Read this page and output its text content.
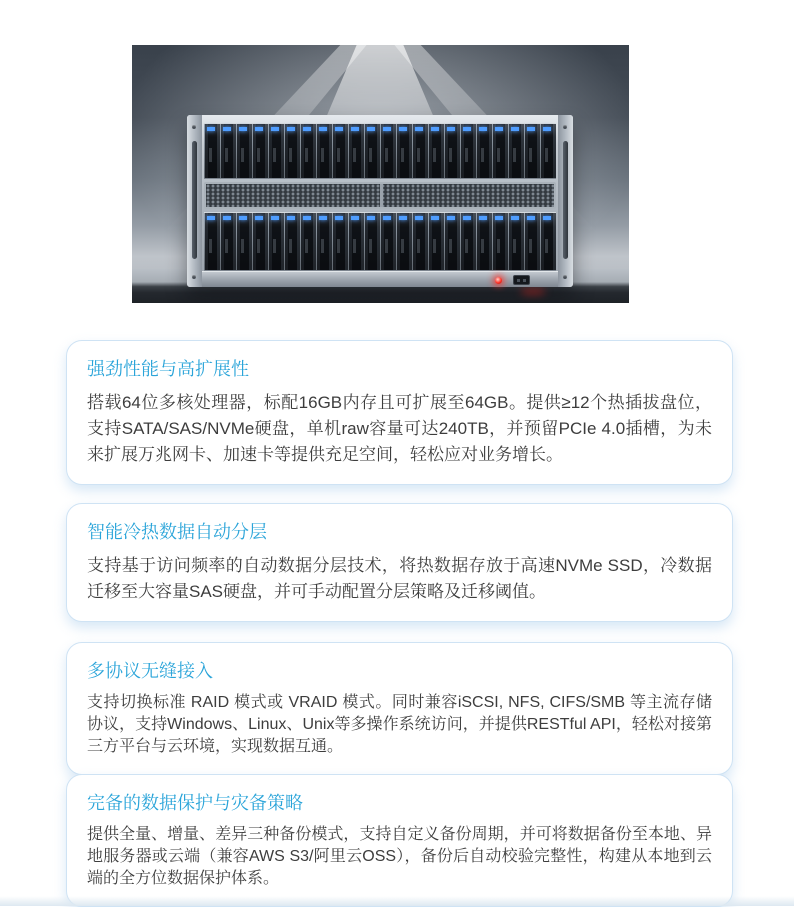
强劲性能与高扩展性
搭载64位多核处理器，标配16GB内存且可扩展至64GB。提供≥12个热插拔盘位，支持SATA/SAS/NVMe硬盘，单机raw容量可达240TB，并预留PCIe 4.0插槽，为未来扩展万兆网卡、加速卡等提供充足空间，轻松应对业务增长。
智能冷热数据自动分层
支持基于访问频率的自动数据分层技术，将热数据存放于高速NVMe SSD，冷数据迁移至大容量SAS硬盘，并可手动配置分层策略及迁移阈值。
多协议无缝接入
支持切换标准 RAID 模式或 VRAID 模式。同时兼容iSCSI, NFS, CIFS/SMB 等主流存储协议，支持Windows、Linux、Unix等多操作系统访问，并提供RESTful API，轻松对接第三方平台与云环境，实现数据互通。
完备的数据保护与灾备策略
提供全量、增量、差异三种备份模式，支持自定义备份周期，并可将数据备份至本地、异地服务器或云端（兼容AWS S3/阿里云OSS），备份后自动校验完整性，构建从本地到云端的全方位数据保护体系。
